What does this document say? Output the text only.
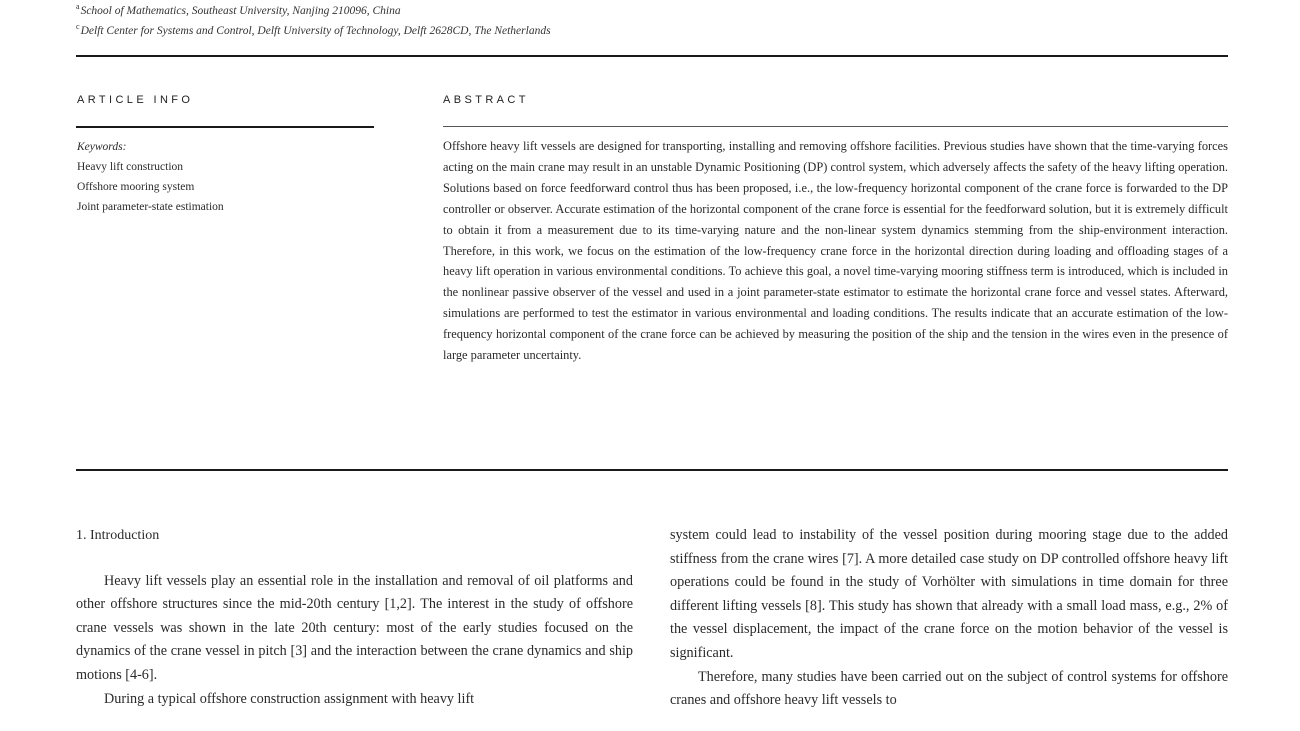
$^a$School of Mathematics, Southeast University, Nanjing 210096, China
$^c$Delft Center for Systems and Control, Delft University of Technology, Delft 2628CD, The Netherlands
ARTICLE INFO	ABSTRACT
Keywords:
Heavy lift construction
Offshore mooring system
Joint parameter-state estimation
Offshore heavy lift vessels are designed for transporting, installing and removing offshore facilities. Previous studies have shown that the time-varying forces acting on the main crane may result in an unstable Dynamic Positioning (DP) control system, which adversely affects the safety of the heavy lifting operation. Solutions based on force feedforward control thus has been proposed, i.e., the low-frequency horizontal component of the crane force is forwarded to the DP controller or observer. Accurate estimation of the horizontal component of the crane force is essential for the feedforward solution, but it is extremely difficult to obtain it from a measurement due to its time-varying nature and the non-linear system dynamics stemming from the ship-environment interaction. Therefore, in this work, we focus on the estimation of the low-frequency crane force in the horizontal direction during loading and offloading stages of a heavy lift operation in various environmental conditions. To achieve this goal, a novel time-varying mooring stiffness term is introduced, which is included in the nonlinear passive observer of the vessel and used in a joint parameter-state estimator to estimate the horizontal crane force and vessel states. Afterward, simulations are performed to test the estimator in various environmental and loading conditions. The results indicate that an accurate estimation of the low-frequency horizontal component of the crane force can be achieved by measuring the position of the ship and the tension in the wires even in the presence of large parameter uncertainty.
1. Introduction

Heavy lift vessels play an essential role in the installation and removal of oil platforms and other offshore structures since the mid-20th century [1,2]. The interest in the study of offshore crane vessels was shown in the late 20th century: most of the early studies focused on the dynamics of the crane vessel in pitch [3] and the interaction between the crane dynamics and ship motions [4-6].

During a typical offshore construction assignment with heavy lift

system could lead to instability of the vessel position during mooring stage due to the added stiffness from the crane wires [7]. A more detailed case study on DP controlled offshore heavy lift operations could be found in the study of Vorhölter with simulations in time domain for three different lifting vessels [8]. This study has shown that already with a small load mass, e.g., 2% of the vessel displacement, the impact of the crane force on the motion behavior of the vessel is significant.

Therefore, many studies have been carried out on the subject of control systems for offshore cranes and offshore heavy lift vessels to
